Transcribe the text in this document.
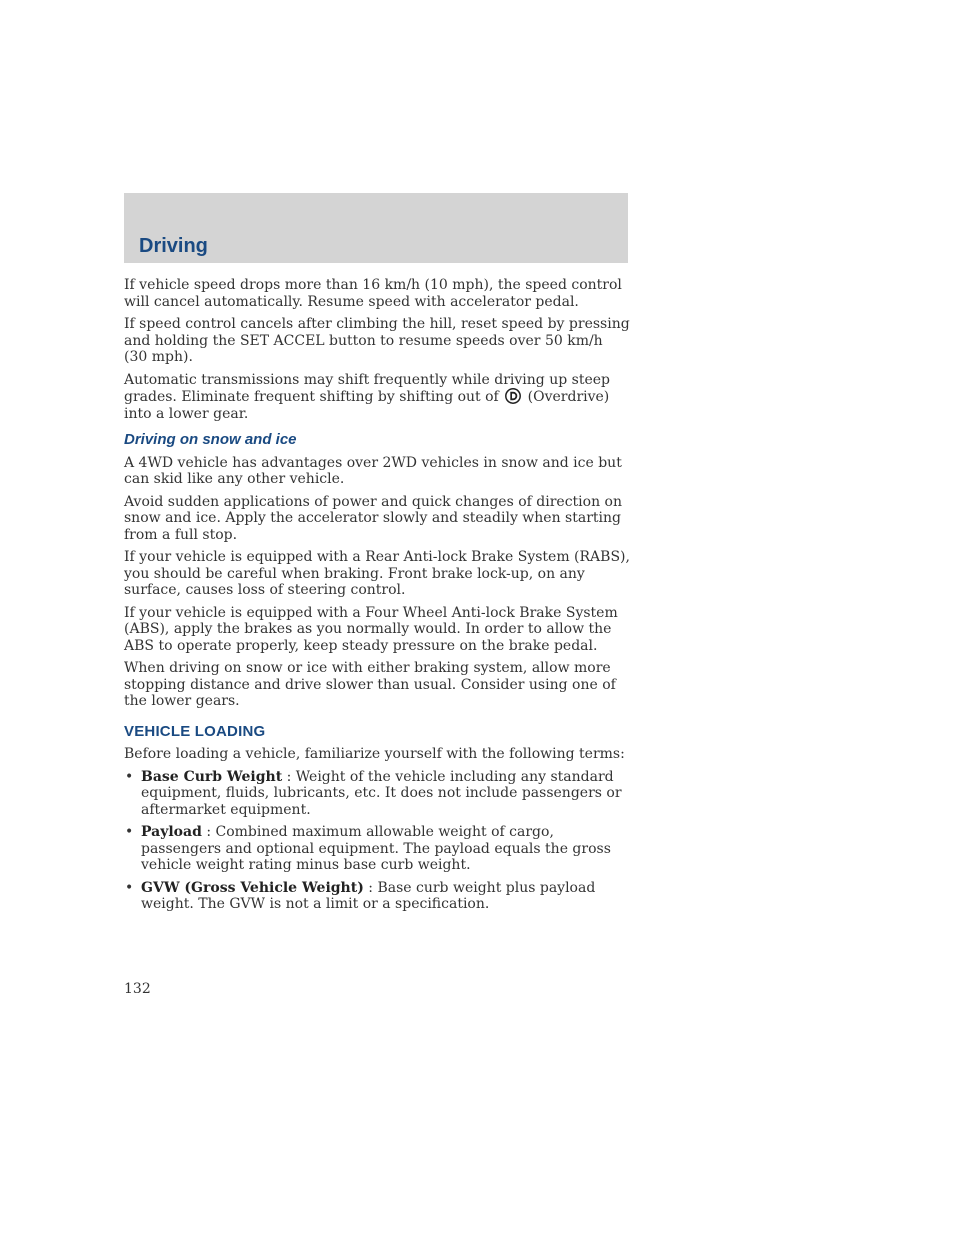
Driving

If vehicle speed drops more than 16 km/h (10 mph), the speed control will cancel automatically. Resume speed with accelerator pedal.

If speed control cancels after climbing the hill, reset speed by pressing and holding the SET ACCEL button to resume speeds over 50 km/h (30 mph).

Automatic transmissions may shift frequently while driving up steep grades. Eliminate frequent shifting by shifting out of (Overdrive) into a lower gear.

Driving on snow and ice

A 4WD vehicle has advantages over 2WD vehicles in snow and ice but can skid like any other vehicle.

Avoid sudden applications of power and quick changes of direction on snow and ice. Apply the accelerator slowly and steadily when starting from a full stop.

If your vehicle is equipped with a Rear Anti-lock Brake System (RABS), you should be careful when braking. Front brake lock-up, on any surface, causes loss of steering control.

If your vehicle is equipped with a Four Wheel Anti-lock Brake System (ABS), apply the brakes as you normally would. In order to allow the ABS to operate properly, keep steady pressure on the brake pedal.

When driving on snow or ice with either braking system, allow more stopping distance and drive slower than usual. Consider using one of the lower gears.

VEHICLE LOADING

Before loading a vehicle, familiarize yourself with the following terms:

• Base Curb Weight : Weight of the vehicle including any standard equipment, fluids, lubricants, etc. It does not include passengers or aftermarket equipment.
• Payload : Combined maximum allowable weight of cargo, passengers and optional equipment. The payload equals the gross vehicle weight rating minus base curb weight.
• GVW (Gross Vehicle Weight) : Base curb weight plus payload weight. The GVW is not a limit or a specification.
132
